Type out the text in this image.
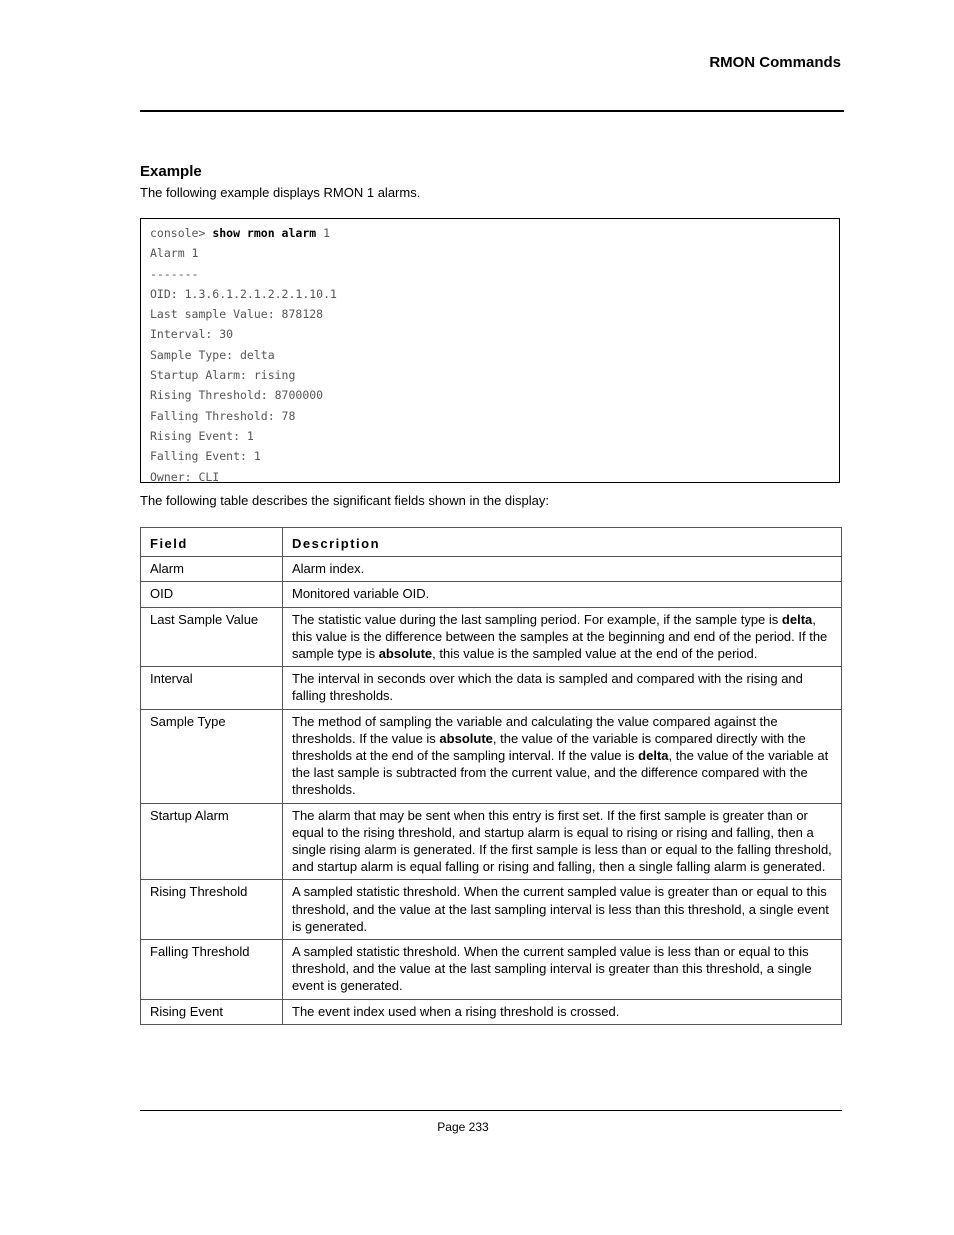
RMON Commands
Example
The following example displays RMON 1 alarms.
console> show rmon alarm 1
Alarm 1
-------
OID: 1.3.6.1.2.1.2.2.1.10.1
Last sample Value: 878128
Interval: 30
Sample Type: delta
Startup Alarm: rising
Rising Threshold: 8700000
Falling Threshold: 78
Rising Event: 1
Falling Event: 1
Owner: CLI
The following table describes the significant fields shown in the display:
Field	Description
Alarm	Alarm index.
OID	Monitored variable OID.
Last Sample Value	The statistic value during the last sampling period. For example, if the sample type is delta, this value is the difference between the samples at the beginning and end of the period. If the sample type is absolute, this value is the sampled value at the end of the period.
Interval	The interval in seconds over which the data is sampled and compared with the rising and falling thresholds.
Sample Type	The method of sampling the variable and calculating the value compared against the thresholds. If the value is absolute, the value of the variable is compared directly with the thresholds at the end of the sampling interval. If the value is delta, the value of the variable at the last sample is subtracted from the current value, and the difference compared with the thresholds.
Startup Alarm	The alarm that may be sent when this entry is first set. If the first sample is greater than or equal to the rising threshold, and startup alarm is equal to rising or rising and falling, then a single rising alarm is generated. If the first sample is less than or equal to the falling threshold, and startup alarm is equal falling or rising and falling, then a single falling alarm is generated.
Rising Threshold	A sampled statistic threshold. When the current sampled value is greater than or equal to this threshold, and the value at the last sampling interval is less than this threshold, a single event is generated.
Falling Threshold	A sampled statistic threshold. When the current sampled value is less than or equal to this threshold, and the value at the last sampling interval is greater than this threshold, a single event is generated.
Rising Event	The event index used when a rising threshold is crossed.
Page 233
